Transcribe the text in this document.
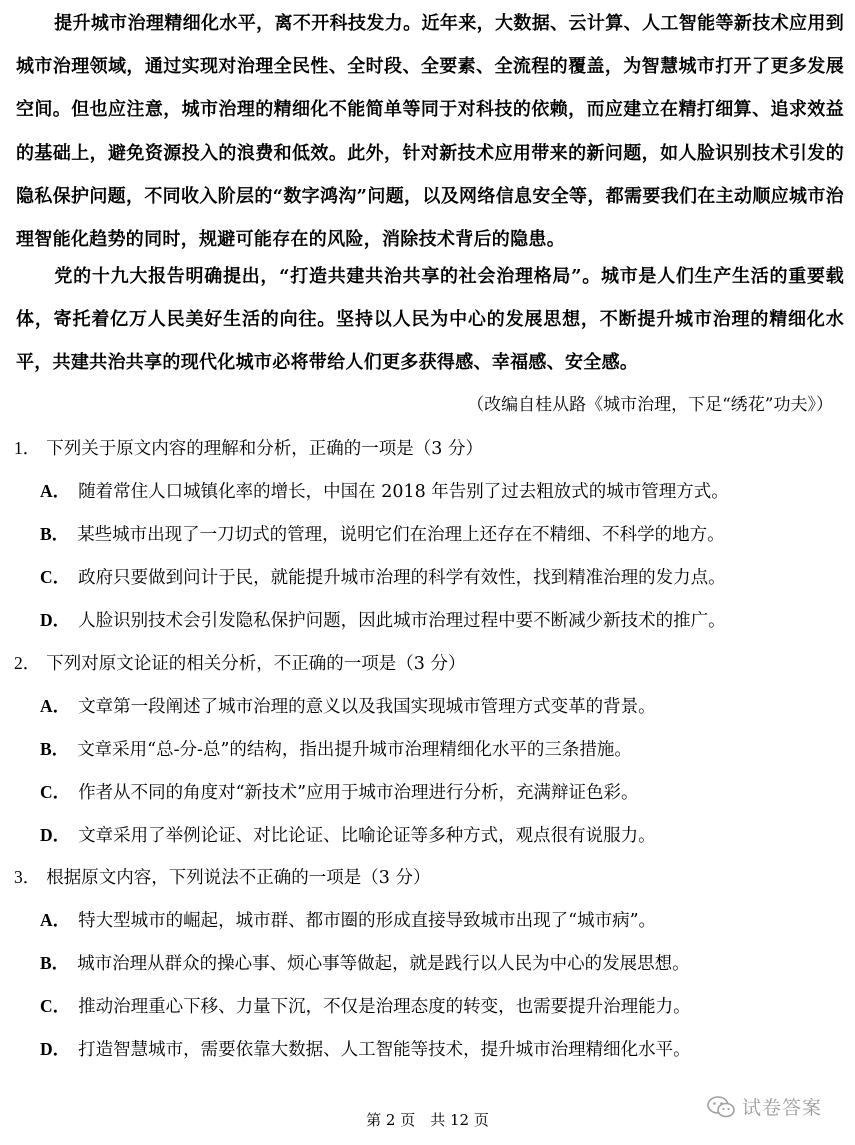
提升城市治理精细化水平，离不开科技发力。近年来，大数据、云计算、人工智能等新技术应用到城市治理领域，通过实现对治理全民性、全时段、全要素、全流程的覆盖，为智慧城市打开了更多发展空间。但也应注意，城市治理的精细化不能简单等同于对科技的依赖，而应建立在精打细算、追求效益的基础上，避免资源投入的浪费和低效。此外，针对新技术应用带来的新问题，如人脸识别技术引发的隐私保护问题，不同收入阶层的“数字鸿沟”问题，以及网络信息安全等，都需要我们在主动顺应城市治理智能化趋势的同时，规避可能存在的风险，消除技术背后的隐患。

党的十九大报告明确提出，“打造共建共治共享的社会治理格局”。城市是人们生产生活的重要载体，寄托着亿万人民美好生活的向往。坚持以人民为中心的发展思想，不断提升城市治理的精细化水平，共建共治共享的现代化城市必将带给人们更多获得感、幸福感、安全感。

（改编自桂从路《城市治理，下足“绣花”功夫》）
1． 下列关于原文内容的理解和分析，正确的一项是（3 分）
A． 随着常住人口城镇化率的增长，中国在 2018 年告别了过去粗放式的城市管理方式。
B． 某些城市出现了一刀切式的管理，说明它们在治理上还存在不精细、不科学的地方。
C． 政府只要做到问计于民，就能提升城市治理的科学有效性，找到精准治理的发力点。
D． 人脸识别技术会引发隐私保护问题，因此城市治理过程中要不断减少新技术的推广。
2． 下列对原文论证的相关分析，不正确的一项是（3 分）
A． 文章第一段阐述了城市治理的意义以及我国实现城市管理方式变革的背景。
B． 文章采用“总-分-总”的结构，指出提升城市治理精细化水平的三条措施。
C． 作者从不同的角度对“新技术”应用于城市治理进行分析，充满辩证色彩。
D． 文章采用了举例论证、对比论证、比喻论证等多种方式，观点很有说服力。
3． 根据原文内容，下列说法不正确的一项是（3 分）
A． 特大型城市的崛起，城市群、都市圈的形成直接导致城市出现了“城市病”。
B． 城市治理从群众的操心事、烦心事等做起，就是践行以人民为中心的发展思想。
C． 推动治理重心下移、力量下沉，不仅是治理态度的转变，也需要提升治理能力。
D． 打造智慧城市，需要依靠大数据、人工智能等技术，提升城市治理精细化水平。
第 2 页　共 12 页
试卷答案
